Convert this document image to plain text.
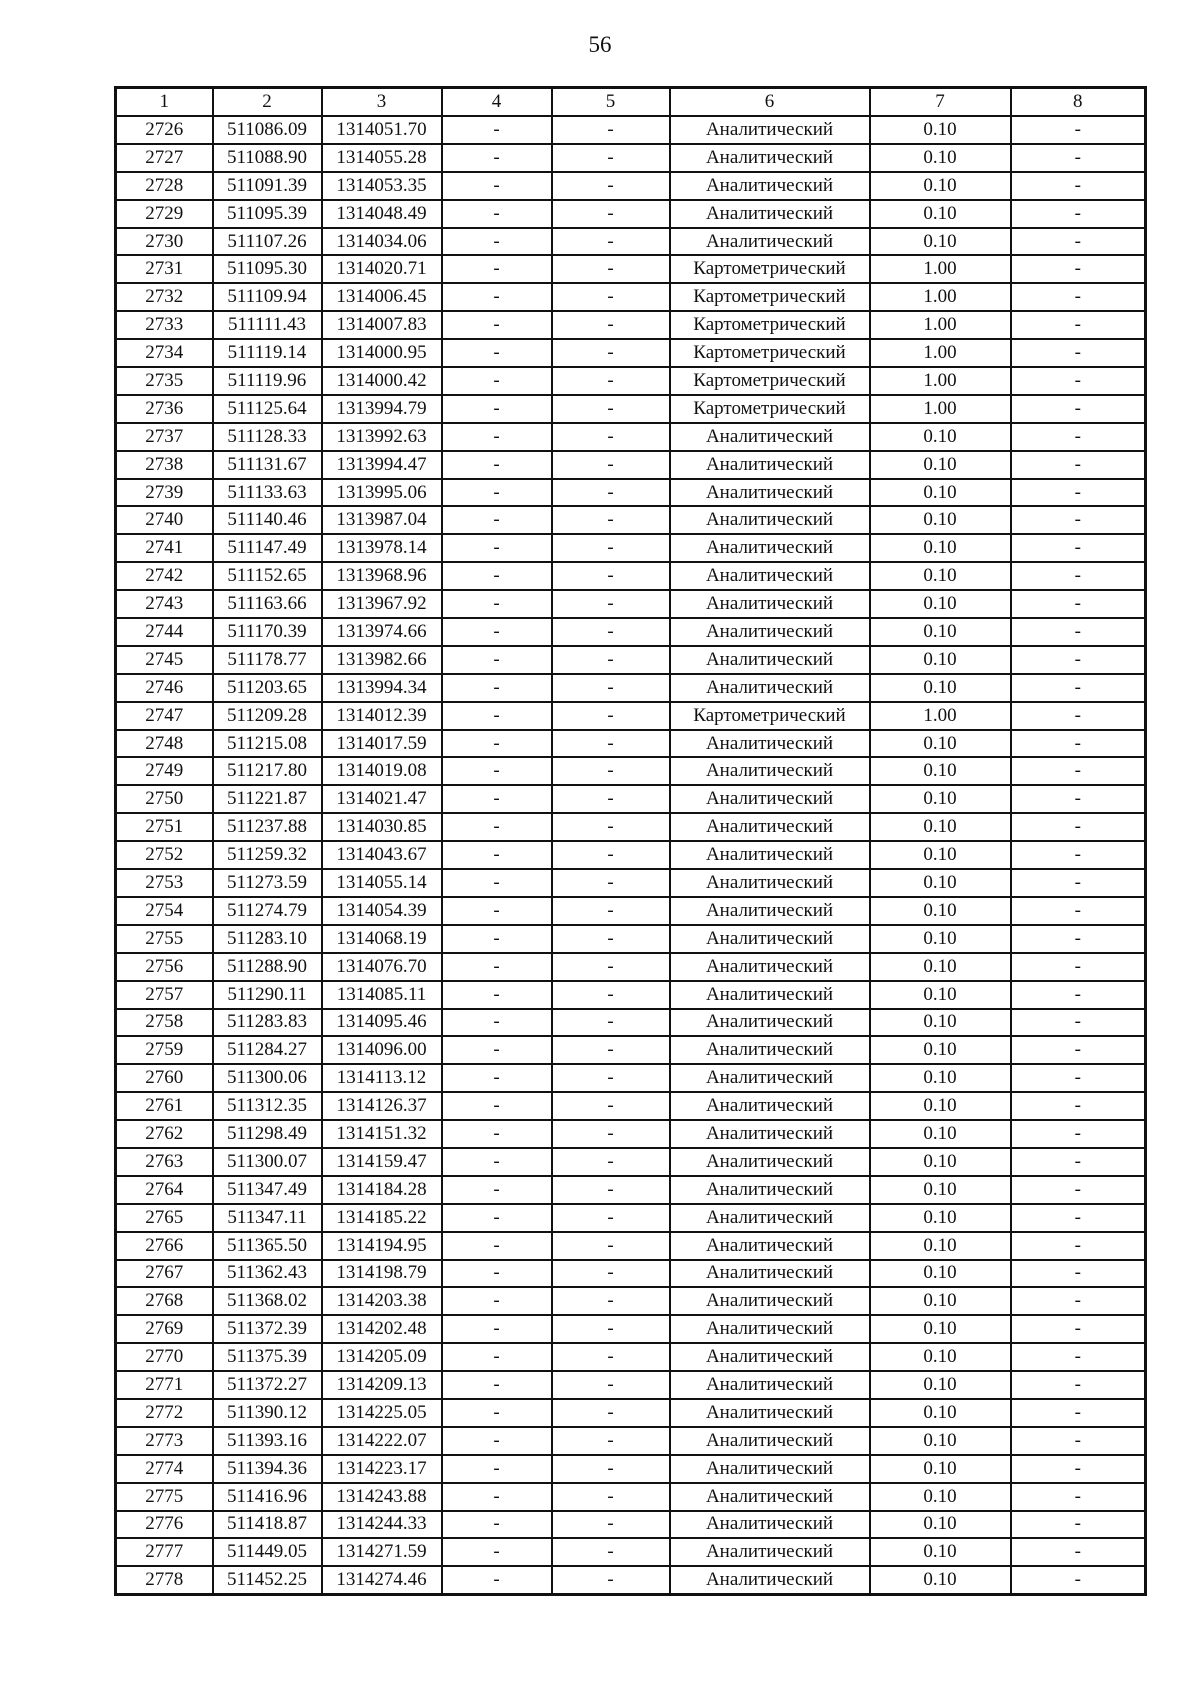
56
1	2	3	4	5	6	7	8
2726	511086.09	1314051.70	-	-	Аналитический	0.10	-
2727	511088.90	1314055.28	-	-	Аналитический	0.10	-
2728	511091.39	1314053.35	-	-	Аналитический	0.10	-
2729	511095.39	1314048.49	-	-	Аналитический	0.10	-
2730	511107.26	1314034.06	-	-	Аналитический	0.10	-
2731	511095.30	1314020.71	-	-	Картометрический	1.00	-
2732	511109.94	1314006.45	-	-	Картометрический	1.00	-
2733	511111.43	1314007.83	-	-	Картометрический	1.00	-
2734	511119.14	1314000.95	-	-	Картометрический	1.00	-
2735	511119.96	1314000.42	-	-	Картометрический	1.00	-
2736	511125.64	1313994.79	-	-	Картометрический	1.00	-
2737	511128.33	1313992.63	-	-	Аналитический	0.10	-
2738	511131.67	1313994.47	-	-	Аналитический	0.10	-
2739	511133.63	1313995.06	-	-	Аналитический	0.10	-
2740	511140.46	1313987.04	-	-	Аналитический	0.10	-
2741	511147.49	1313978.14	-	-	Аналитический	0.10	-
2742	511152.65	1313968.96	-	-	Аналитический	0.10	-
2743	511163.66	1313967.92	-	-	Аналитический	0.10	-
2744	511170.39	1313974.66	-	-	Аналитический	0.10	-
2745	511178.77	1313982.66	-	-	Аналитический	0.10	-
2746	511203.65	1313994.34	-	-	Аналитический	0.10	-
2747	511209.28	1314012.39	-	-	Картометрический	1.00	-
2748	511215.08	1314017.59	-	-	Аналитический	0.10	-
2749	511217.80	1314019.08	-	-	Аналитический	0.10	-
2750	511221.87	1314021.47	-	-	Аналитический	0.10	-
2751	511237.88	1314030.85	-	-	Аналитический	0.10	-
2752	511259.32	1314043.67	-	-	Аналитический	0.10	-
2753	511273.59	1314055.14	-	-	Аналитический	0.10	-
2754	511274.79	1314054.39	-	-	Аналитический	0.10	-
2755	511283.10	1314068.19	-	-	Аналитический	0.10	-
2756	511288.90	1314076.70	-	-	Аналитический	0.10	-
2757	511290.11	1314085.11	-	-	Аналитический	0.10	-
2758	511283.83	1314095.46	-	-	Аналитический	0.10	-
2759	511284.27	1314096.00	-	-	Аналитический	0.10	-
2760	511300.06	1314113.12	-	-	Аналитический	0.10	-
2761	511312.35	1314126.37	-	-	Аналитический	0.10	-
2762	511298.49	1314151.32	-	-	Аналитический	0.10	-
2763	511300.07	1314159.47	-	-	Аналитический	0.10	-
2764	511347.49	1314184.28	-	-	Аналитический	0.10	-
2765	511347.11	1314185.22	-	-	Аналитический	0.10	-
2766	511365.50	1314194.95	-	-	Аналитический	0.10	-
2767	511362.43	1314198.79	-	-	Аналитический	0.10	-
2768	511368.02	1314203.38	-	-	Аналитический	0.10	-
2769	511372.39	1314202.48	-	-	Аналитический	0.10	-
2770	511375.39	1314205.09	-	-	Аналитический	0.10	-
2771	511372.27	1314209.13	-	-	Аналитический	0.10	-
2772	511390.12	1314225.05	-	-	Аналитический	0.10	-
2773	511393.16	1314222.07	-	-	Аналитический	0.10	-
2774	511394.36	1314223.17	-	-	Аналитический	0.10	-
2775	511416.96	1314243.88	-	-	Аналитический	0.10	-
2776	511418.87	1314244.33	-	-	Аналитический	0.10	-
2777	511449.05	1314271.59	-	-	Аналитический	0.10	-
2778	511452.25	1314274.46	-	-	Аналитический	0.10	-
